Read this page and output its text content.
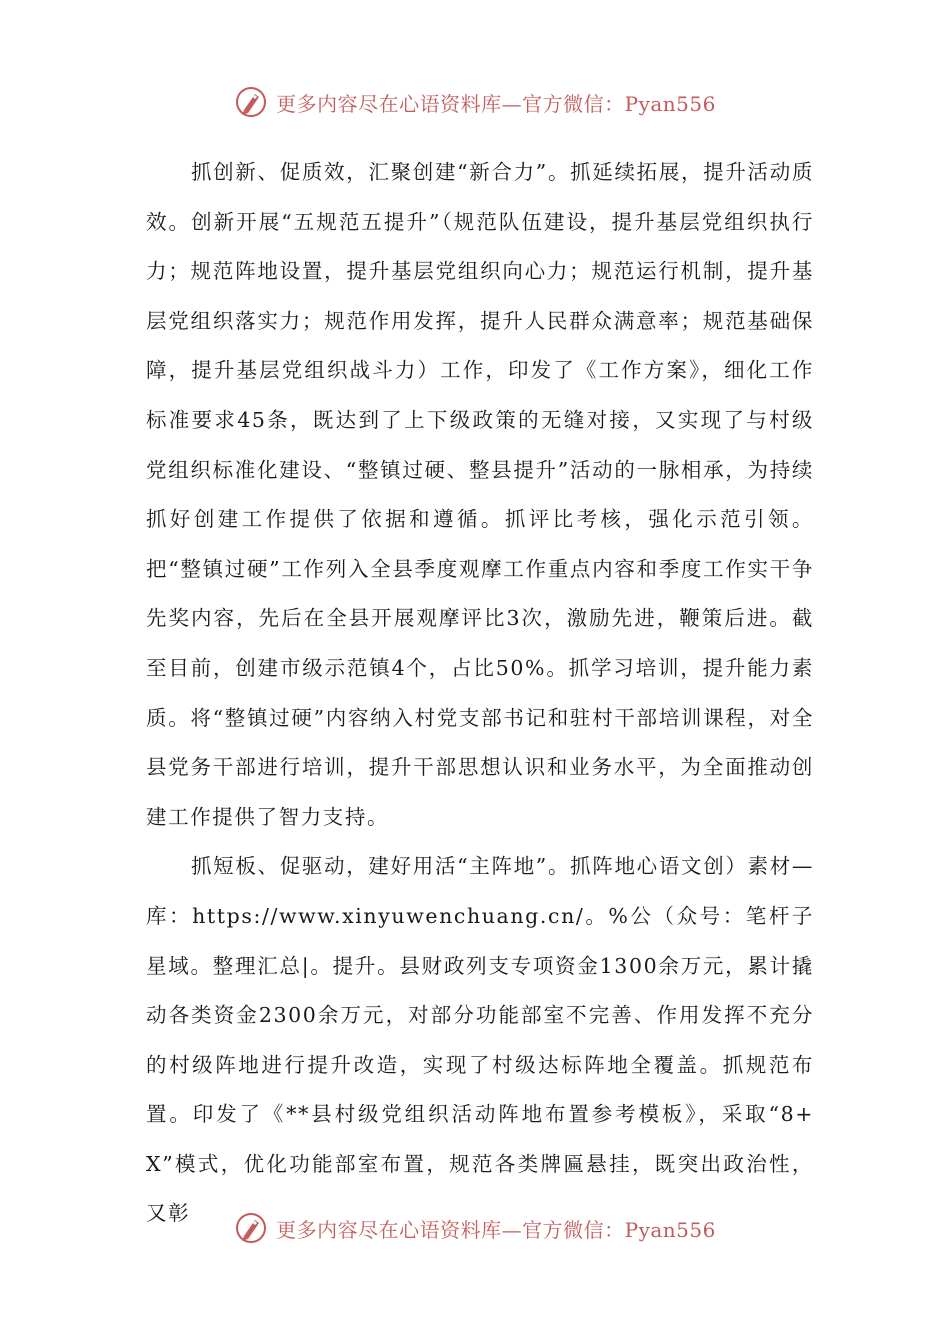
更多内容尽在心语资料库—官方微信：Pyan556

抓创新、促质效，汇聚创建“新合力”。抓延续拓展，提升活动质效。创新开展“五规范五提升”（规范队伍建设，提升基层党组织执行力；规范阵地设置，提升基层党组织向心力；规范运行机制，提升基层党组织落实力；规范作用发挥，提升人民群众满意率；规范基础保障，提升基层党组织战斗力）工作，印发了《工作方案》，细化工作标准要求45条，既达到了上下级政策的无缝对接，又实现了与村级党组织标准化建设、“整镇过硬、整县提升”活动的一脉相承，为持续抓好创建工作提供了依据和遵循。抓评比考核，强化示范引领。把“整镇过硬”工作列入全县季度观摩工作重点内容和季度工作实干争先奖内容，先后在全县开展观摩评比3次，激励先进，鞭策后进。截至目前，创建市级示范镇4个，占比50%。抓学习培训，提升能力素质。将“整镇过硬”内容纳入村党支部书记和驻村干部培训课程，对全县党务干部进行培训，提升干部思想认识和业务水平，为全面推动创建工作提供了智力支持。

抓短板、促驱动，建好用活“主阵地”。抓阵地心语文创）素材—库：https://www.xinyuwenchuang.cn/。%公（众号：笔杆子星域。整理汇总|。提升。县财政列支专项资金1300余万元，累计撬动各类资金2300余万元，对部分功能部室不完善、作用发挥不充分的村级阵地进行提升改造，实现了村级达标阵地全覆盖。抓规范布置。印发了《**县村级党组织活动阵地布置参考模板》，采取“8+X”模式，优化功能部室布置，规范各类牌匾悬挂，既突出政治性，又彰

更多内容尽在心语资料库—官方微信：Pyan556
